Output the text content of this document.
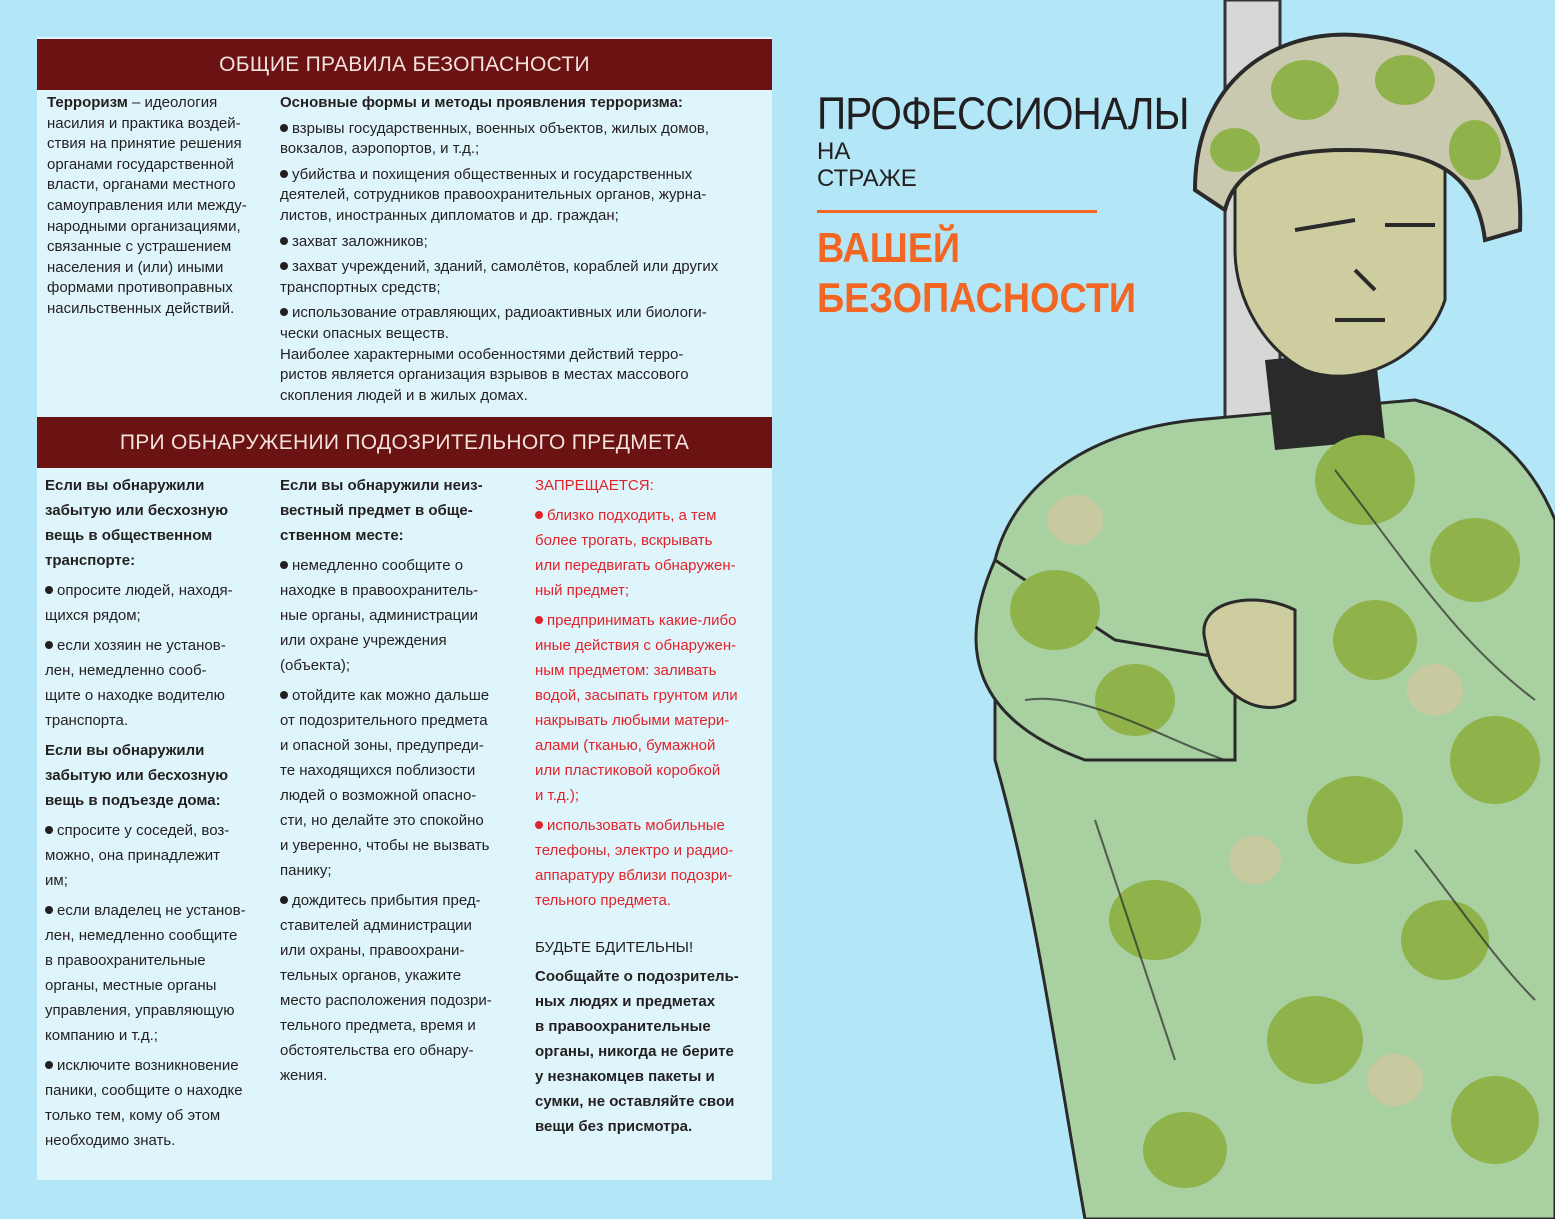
ОБЩИЕ ПРАВИЛА БЕЗОПАСНОСТИ

Терроризм – идеология

насилия и практика воздей-

ствия на принятие решения

органами государственной

власти, органами местного

самоуправления или между-

народными организациями,

связанные с устрашением

населения и (или) иными

формами противоправных

насильственных действий.

Основные формы и методы проявления терроризма:

взрывы государственных, военных объектов, жилых домов,

вокзалов, аэропортов, и т.д.;

убийства и похищения общественных и государственных

деятелей, сотрудников правоохранительных органов, журна-

листов, иностранных дипломатов и др. граждан;

захват заложников;

захват учреждений, зданий, самолётов, кораблей или других

транспортных средств;

использование отравляющих, радиоактивных или биологи-

чески опасных веществ.

Наиболее характерными особенностями действий терро-

ристов является организация взрывов в местах массового

скопления людей и в жилых домах.

ПРИ ОБНАРУЖЕНИИ ПОДОЗРИТЕЛЬНОГО ПРЕДМЕТА

Если вы обнаружили

забытую или бесхозную

вещь в общественном

транспорте:

опросите людей, находя-

щихся рядом;

если хозяин не установ-

лен, немедленно сооб-

щите о находке водителю

транспорта.

Если вы обнаружили

забытую или бесхозную

вещь в подъезде дома:

спросите у соседей, воз-

можно, она принадлежит

им;

если владелец не установ-

лен, немедленно сообщите

в правоохранительные

органы, местные органы

управления, управляющую

компанию и т.д.;

исключите возникновение

паники, сообщите о находке

только тем, кому об этом

необходимо знать.

Если вы обнаружили неиз-

вестный предмет в обще-

ственном месте:

немедленно сообщите о

находке в правоохранитель-

ные органы, администрации

или охране учреждения

(объекта);

отойдите как можно дальше

от подозрительного предмета

и опасной зоны, предупреди-

те находящихся поблизости

людей о возможной опасно-

сти, но делайте это спокойно

и уверенно, чтобы не вызвать

панику;

дождитесь прибытия пред-

ставителей администрации

или охраны, правоохрани-

тельных органов, укажите

место расположения подозри-

тельного предмета, время и

обстоятельства его обнару-

жения.

ЗАПРЕЩАЕТСЯ:

близко подходить, а тем

более трогать, вскрывать

или передвигать обнаружен-

ный предмет;

предпринимать какие-либо

иные действия с обнаружен-

ным предметом: заливать

водой, засыпать грунтом или

накрывать любыми матери-

алами (тканью, бумажной

или пластиковой коробкой

и т.д.);

использовать мобильные

телефоны, электро и радио-

аппаратуру вблизи подозри-

тельного предмета.

БУДЬТЕ БДИТЕЛЬНЫ!

Сообщайте о подозритель-

ных людях и предметах

в правоохранительные

органы, никогда не берите

у незнакомцев пакеты и

сумки, не оставляйте свои

вещи без присмотра.

ПРОФЕССИОНАЛЫ
НА
СТРАЖЕ
ВАШЕЙ
БЕЗОПАСНОСТИ
